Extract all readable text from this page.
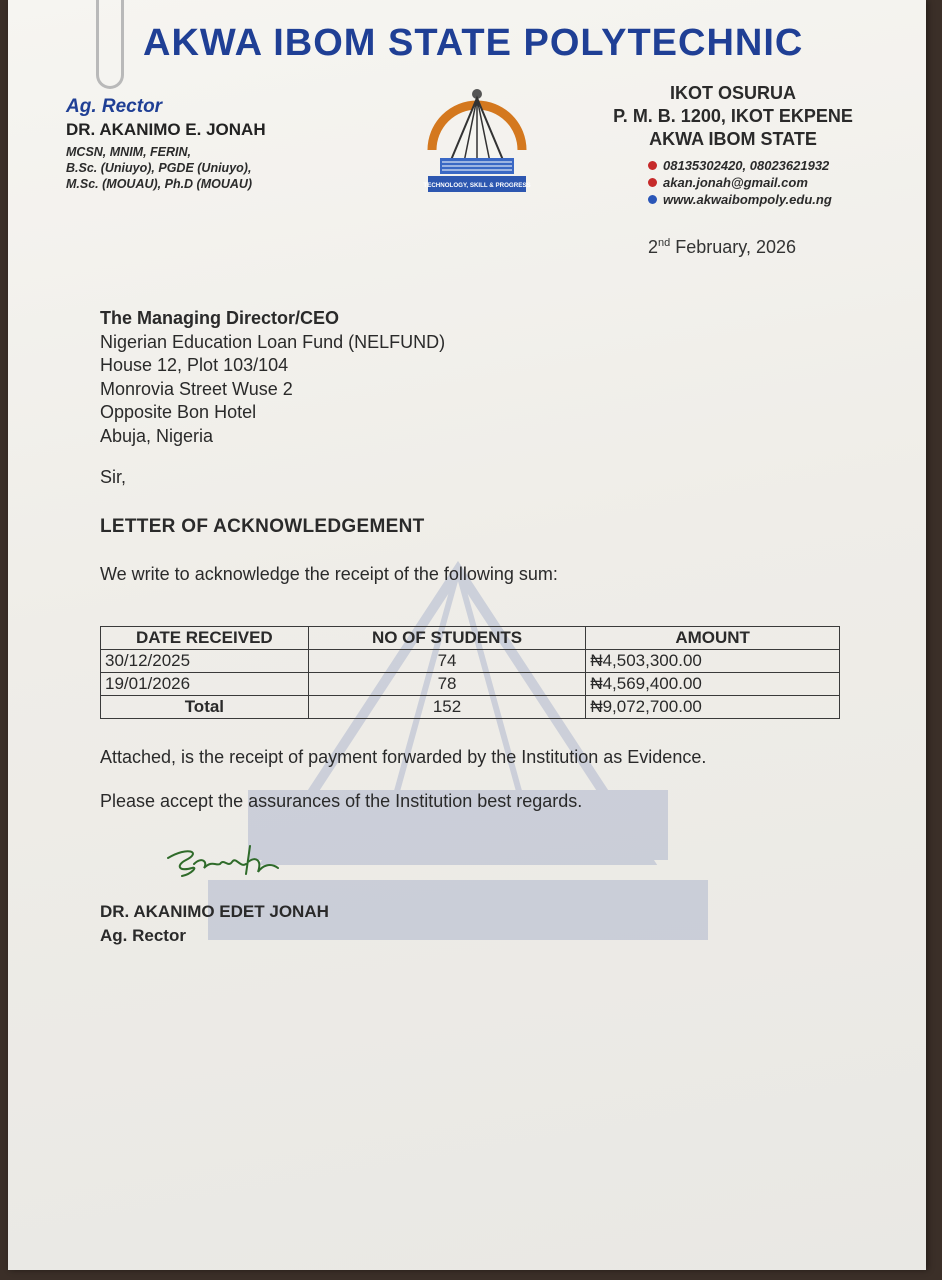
AKWA IBOM STATE POLYTECHNIC
Ag. Rector
DR. AKANIMO E. JONAH
MCSN, MNIM, FERIN,
B.Sc. (Uniuyo), PGDE (Uniuyo),
M.Sc. (MOUAU), Ph.D (MOUAU)	TECHNOLOGY, SKILL & PROGRESS
IKOT OSURUA
P. M. B. 1200, IKOT EKPENE
AKWA IBOM STATE
08135302420, 08023621932
akan.jonah@gmail.com
www.akwaibompoly.edu.ng
2nd February, 2026
The Managing Director/CEO
Nigerian Education Loan Fund (NELFUND)
House 12, Plot 103/104
Monrovia Street Wuse 2
Opposite Bon Hotel
Abuja, Nigeria
Sir,
LETTER OF ACKNOWLEDGEMENT
We write to acknowledge the receipt of the following sum:
DATE RECEIVED	NO OF STUDENTS	AMOUNT
30/12/2025	74	₦4,503,300.00
19/01/2026	78	₦4,569,400.00
Total	152	₦9,072,700.00
Attached, is the receipt of payment forwarded by the Institution as Evidence.
Please accept the assurances of the Institution best regards.
DR. AKANIMO EDET JONAH
Ag. Rector
